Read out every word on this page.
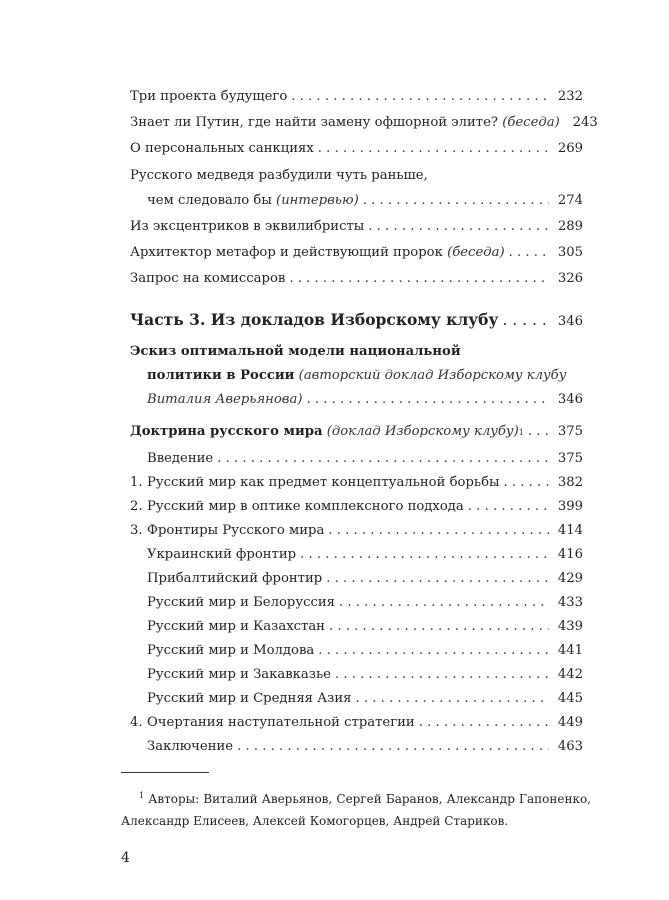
Три проекта будущего . . .	232
Знает ли Путин, где найти замену офшорной элите? (беседа) 243
О персональных санкциях . . .	269
Русского медведя разбудили чуть раньше,
чем следовало бы (интервью) . . .	274
Из эксцентриков в эквилибристы . . .	289
Архитектор метафор и действующий пророк (беседа) . . .	305
Запрос на комиссаров . . .	326
Часть 3. Из докладов Изборскому клубу . . .	346
Эскиз оптимальной модели национальной
политики в России
(авторский доклад Изборскому клубу
Виталия Аверьянова) . . .	346
Доктрина русского мира
(доклад Изборскому клубу) 1 . . .	375
Введение . . .	375
1. Русский мир как предмет концептуальной борьбы . . .	382
2. Русский мир в оптике комплексного подхода . . .	399
3. Фронтиры Русского мира . . .	414
Украинский фронтир . . .	416
Прибалтийский фронтир . . .	429
Русский мир и Белоруссия . . .	433
Русский мир и Казахстан . . .	439
Русский мир и Молдова . . .	441
Русский мир и Закавказье . . .	442
Русский мир и Средняя Азия . . .	445
4. Очертания наступательной стратегии . . .	449
Заключение . . .	463
$^1$ Авторы: Виталий Аверьянов, Сергей Баранов, Александр Гапоненко, Александр Елисеев, Алексей Комогорцев, Андрей Стариков.
4
